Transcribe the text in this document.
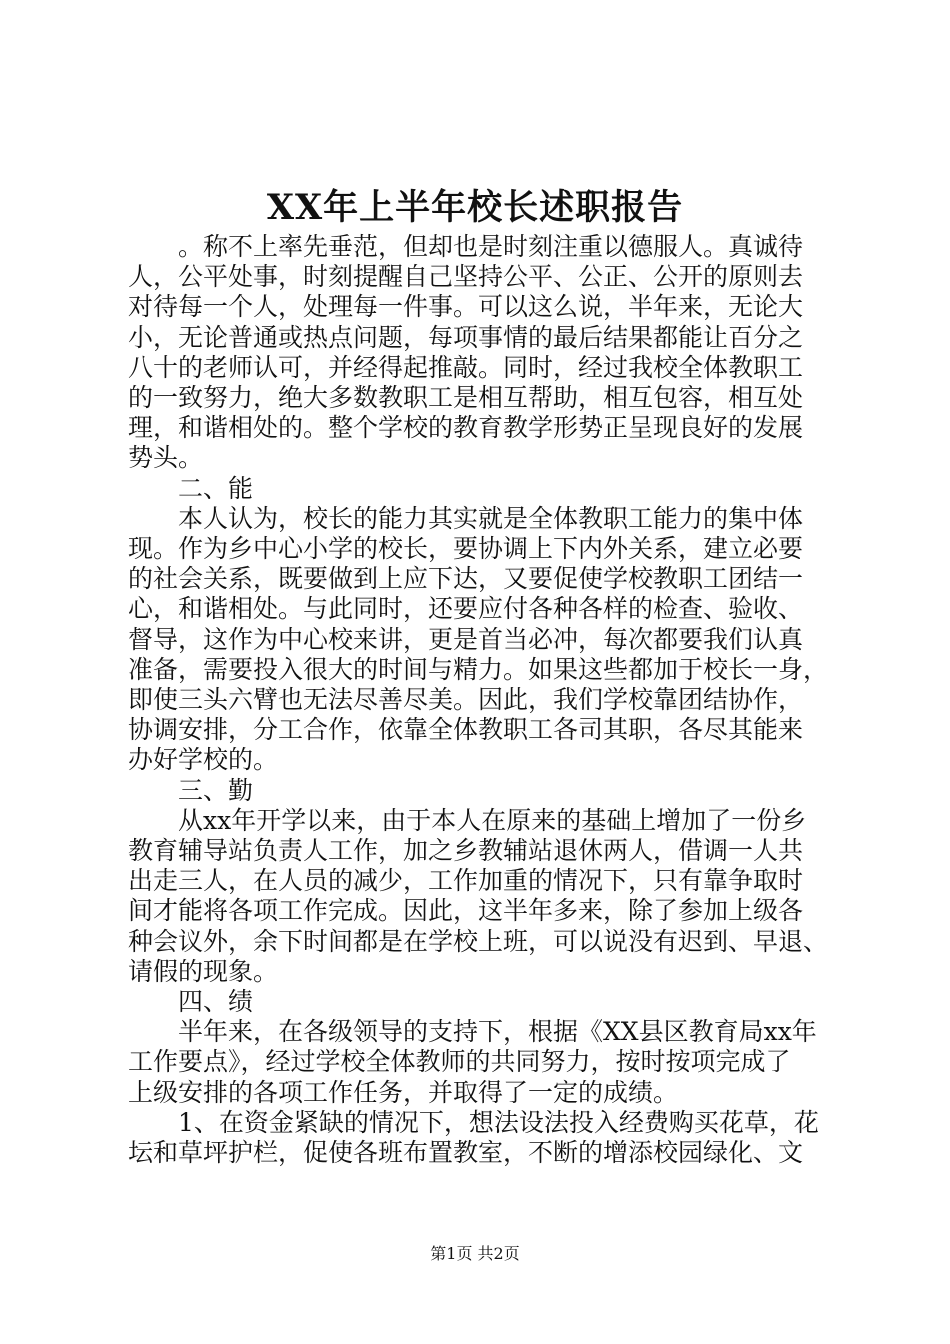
XX年上半年校长述职报告
　　。称不上率先垂范，但却也是时刻注重以德服人。真诚待
人，公平处事，时刻提醒自己坚持公平、公正、公开的原则去
对待每一个人，处理每一件事。可以这么说，半年来，无论大
小，无论普通或热点问题，每项事情的最后结果都能让百分之
八十的老师认可，并经得起推敲。同时，经过我校全体教职工
的一致努力，绝大多数教职工是相互帮助，相互包容，相互处
理，和谐相处的。整个学校的教育教学形势正呈现良好的发展
势头。
　　二、能
　　本人认为，校长的能力其实就是全体教职工能力的集中体
现。作为乡中心小学的校长，要协调上下内外关系，建立必要
的社会关系，既要做到上应下达，又要促使学校教职工团结一
心，和谐相处。与此同时，还要应付各种各样的检查、验收、
督导，这作为中心校来讲，更是首当必冲，每次都要我们认真
准备，需要投入很大的时间与精力。如果这些都加于校长一身，
即使三头六臂也无法尽善尽美。因此，我们学校靠团结协作，
协调安排，分工合作，依靠全体教职工各司其职，各尽其能来
办好学校的。
　　三、勤
　　从xx年开学以来，由于本人在原来的基础上增加了一份乡
教育辅导站负责人工作，加之乡教辅站退休两人，借调一人共
出走三人，在人员的减少，工作加重的情况下，只有靠争取时
间才能将各项工作完成。因此，这半年多来，除了参加上级各
种会议外，余下时间都是在学校上班，可以说没有迟到、早退、
请假的现象。
　　四、绩
　　半年来，在各级领导的支持下，根据《XX县区教育局xx年
工作要点》，经过学校全体教师的共同努力，按时按项完成了
上级安排的各项工作任务，并取得了一定的成绩。
　　1、在资金紧缺的情况下，想法设法投入经费购买花草，花
坛和草坪护栏，促使各班布置教室，不断的增添校园绿化、文
第1页 共2页
